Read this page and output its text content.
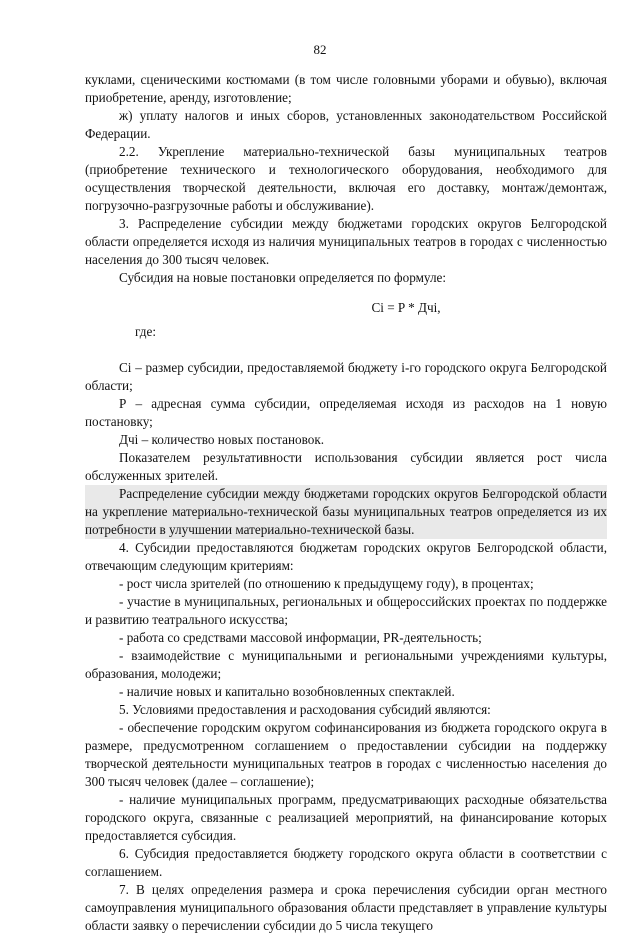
82

куклами, сценическими костюмами (в том числе головными уборами и обувью), включая приобретение, аренду, изготовление;

ж) уплату налогов и иных сборов, установленных законодательством Российской Федерации.

2.2. Укрепление материально-технической базы муниципальных театров (приобретение технического и технологического оборудования, необходимого для осуществления творческой деятельности, включая его доставку, монтаж/демонтаж, погрузочно-разгрузочные работы и обслуживание).

3. Распределение субсидии между бюджетами городских округов Белгородской области определяется исходя из наличия муниципальных театров в городах с численностью населения до 300 тысяч человек.

Субсидия на новые постановки определяется по формуле:

Ci = P * Дчi,

где:

Ci – размер субсидии, предоставляемой бюджету i-го городского округа Белгородской области;

Р – адресная сумма субсидии, определяемая исходя из расходов на 1 новую постановку;

Дчi – количество новых постановок.

Показателем результативности использования субсидии является рост числа обслуженных зрителей.

Распределение субсидии между бюджетами городских округов Белгородской области на укрепление материально-технической базы муниципальных театров определяется из их потребности в улучшении материально-технической базы.

4. Субсидии предоставляются бюджетам городских округов Белгородской области, отвечающим следующим критериям:

- рост числа зрителей (по отношению к предыдущему году), в процентах;

- участие в муниципальных, региональных и общероссийских проектах по поддержке и развитию театрального искусства;

- работа со средствами массовой информации, PR-деятельность;

- взаимодействие с муниципальными и региональными учреждениями культуры, образования, молодежи;

- наличие новых и капитально возобновленных спектаклей.

5. Условиями предоставления и расходования субсидий являются:

- обеспечение городским округом софинансирования из бюджета городского округа в размере, предусмотренном соглашением о предоставлении субсидии на поддержку творческой деятельности муниципальных театров в городах с численностью населения до 300 тысяч человек (далее – соглашение);

- наличие муниципальных программ, предусматривающих расходные обязательства городского округа, связанные с реализацией мероприятий, на финансирование которых предоставляется субсидия.

6. Субсидия предоставляется бюджету городского округа области в соответствии с соглашением.

7. В целях определения размера и срока перечисления субсидии орган местного самоуправления муниципального образования области представляет в управление культуры области заявку о перечислении субсидии до 5 числа текущего
